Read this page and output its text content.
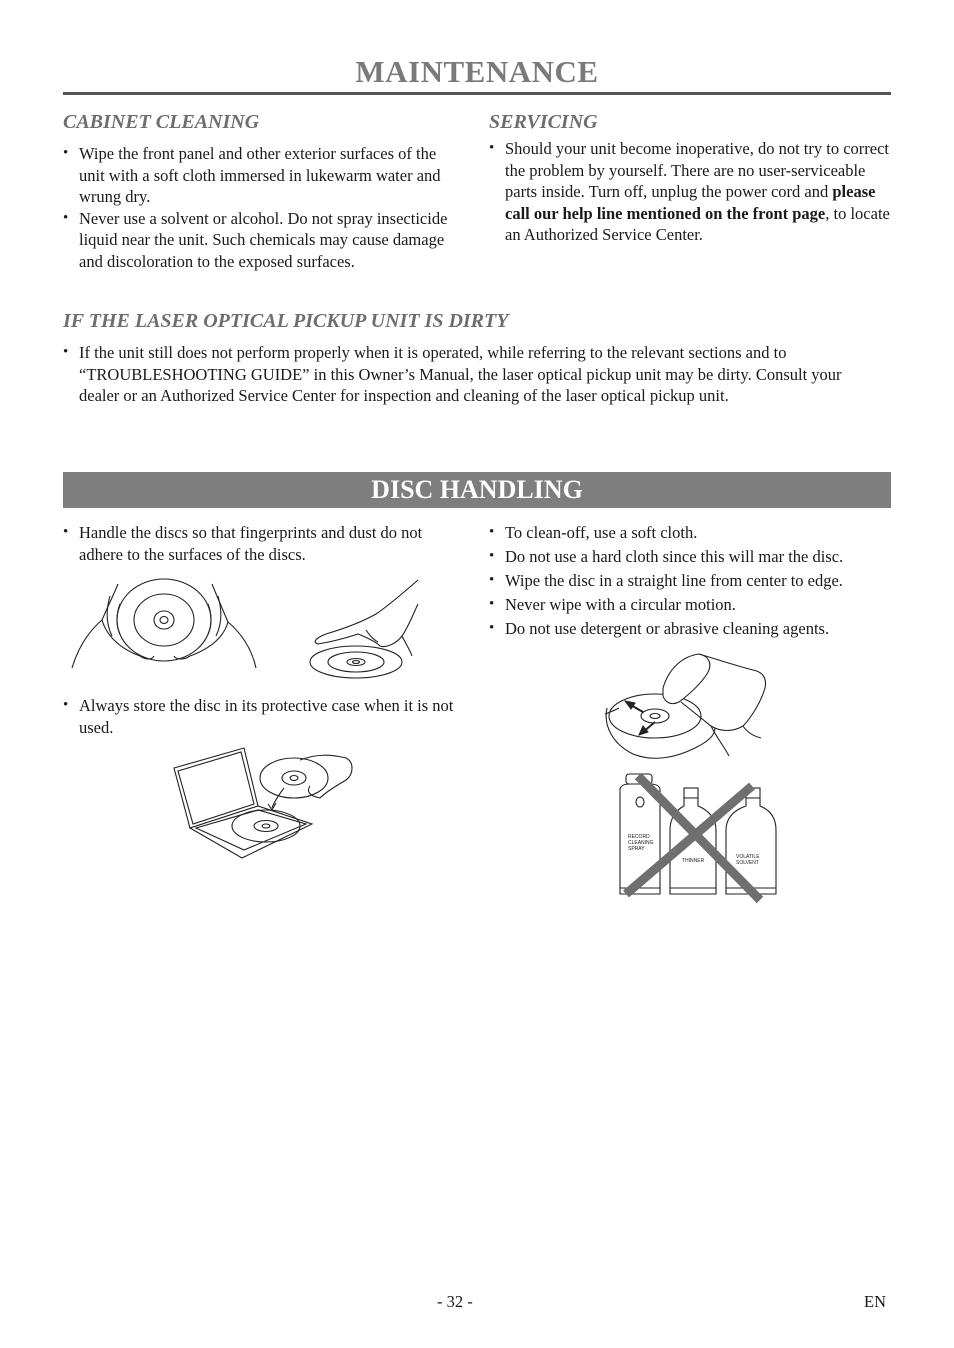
MAINTENANCE
CABINET CLEANING
• Wipe the front panel and other exterior surfaces of the unit with a soft cloth immersed in lukewarm water and wrung dry.
• Never use a solvent or alcohol. Do not spray insecticide liquid near the unit. Such chemicals may cause damage and discoloration to the exposed surfaces.
SERVICING
• Should your unit become inoperative, do not try to correct the problem by yourself. There are no user-serviceable parts inside. Turn off, unplug the power cord and please call our help line mentioned on the front page, to locate an Authorized Service Center.
IF THE LASER OPTICAL PICKUP UNIT IS DIRTY
• If the unit still does not perform properly when it is operated, while referring to the relevant sections and to “TROUBLESHOOTING GUIDE” in this Owner’s Manual, the laser optical pickup unit may be dirty. Consult your dealer or an Authorized Service Center for inspection and cleaning of the laser optical pickup unit.
DISC HANDLING
• Handle the discs so that fingerprints and dust do not adhere to the surfaces of the discs.
• Always store the disc in its protective case when it is not used.
• To clean-off, use a soft cloth.
• Do not use a hard cloth since this will mar the disc.
• Wipe the disc in a straight line from center to edge.
• Never wipe with a circular motion.
• Do not use detergent or abrasive cleaning agents.
RECORD
CLEANING
SPRAY
THINNER
VOLATILE
SOLVENT
- 32 -	EN
